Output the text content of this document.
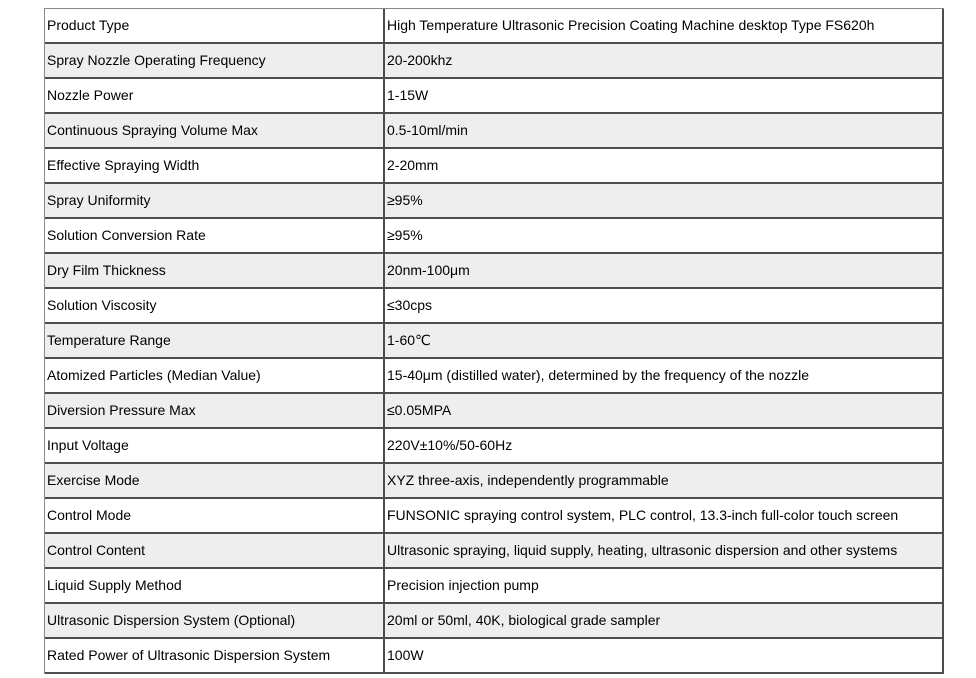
Product Type	High Temperature Ultrasonic Precision Coating Machine desktop Type FS620h
Spray Nozzle Operating Frequency	20-200khz
Nozzle Power	1-15W
Continuous Spraying Volume Max	0.5-10ml/min
Effective Spraying Width	2-20mm
Spray Uniformity	≥95%
Solution Conversion Rate	≥95%
Dry Film Thickness	20nm-100μm
Solution Viscosity	≤30cps
Temperature Range	1-60℃
Atomized Particles (Median Value)	15-40μm (distilled water), determined by the frequency of the nozzle
Diversion Pressure Max	≤0.05MPA
Input Voltage	220V±10%/50-60Hz
Exercise Mode	XYZ three-axis, independently programmable
Control Mode	FUNSONIC spraying control system, PLC control, 13.3-inch full-color touch screen
Control Content	Ultrasonic spraying, liquid supply, heating, ultrasonic dispersion and other systems
Liquid Supply Method	Precision injection pump
Ultrasonic Dispersion System (Optional)	20ml or 50ml, 40K, biological grade sampler
Rated Power of Ultrasonic Dispersion System	100W
